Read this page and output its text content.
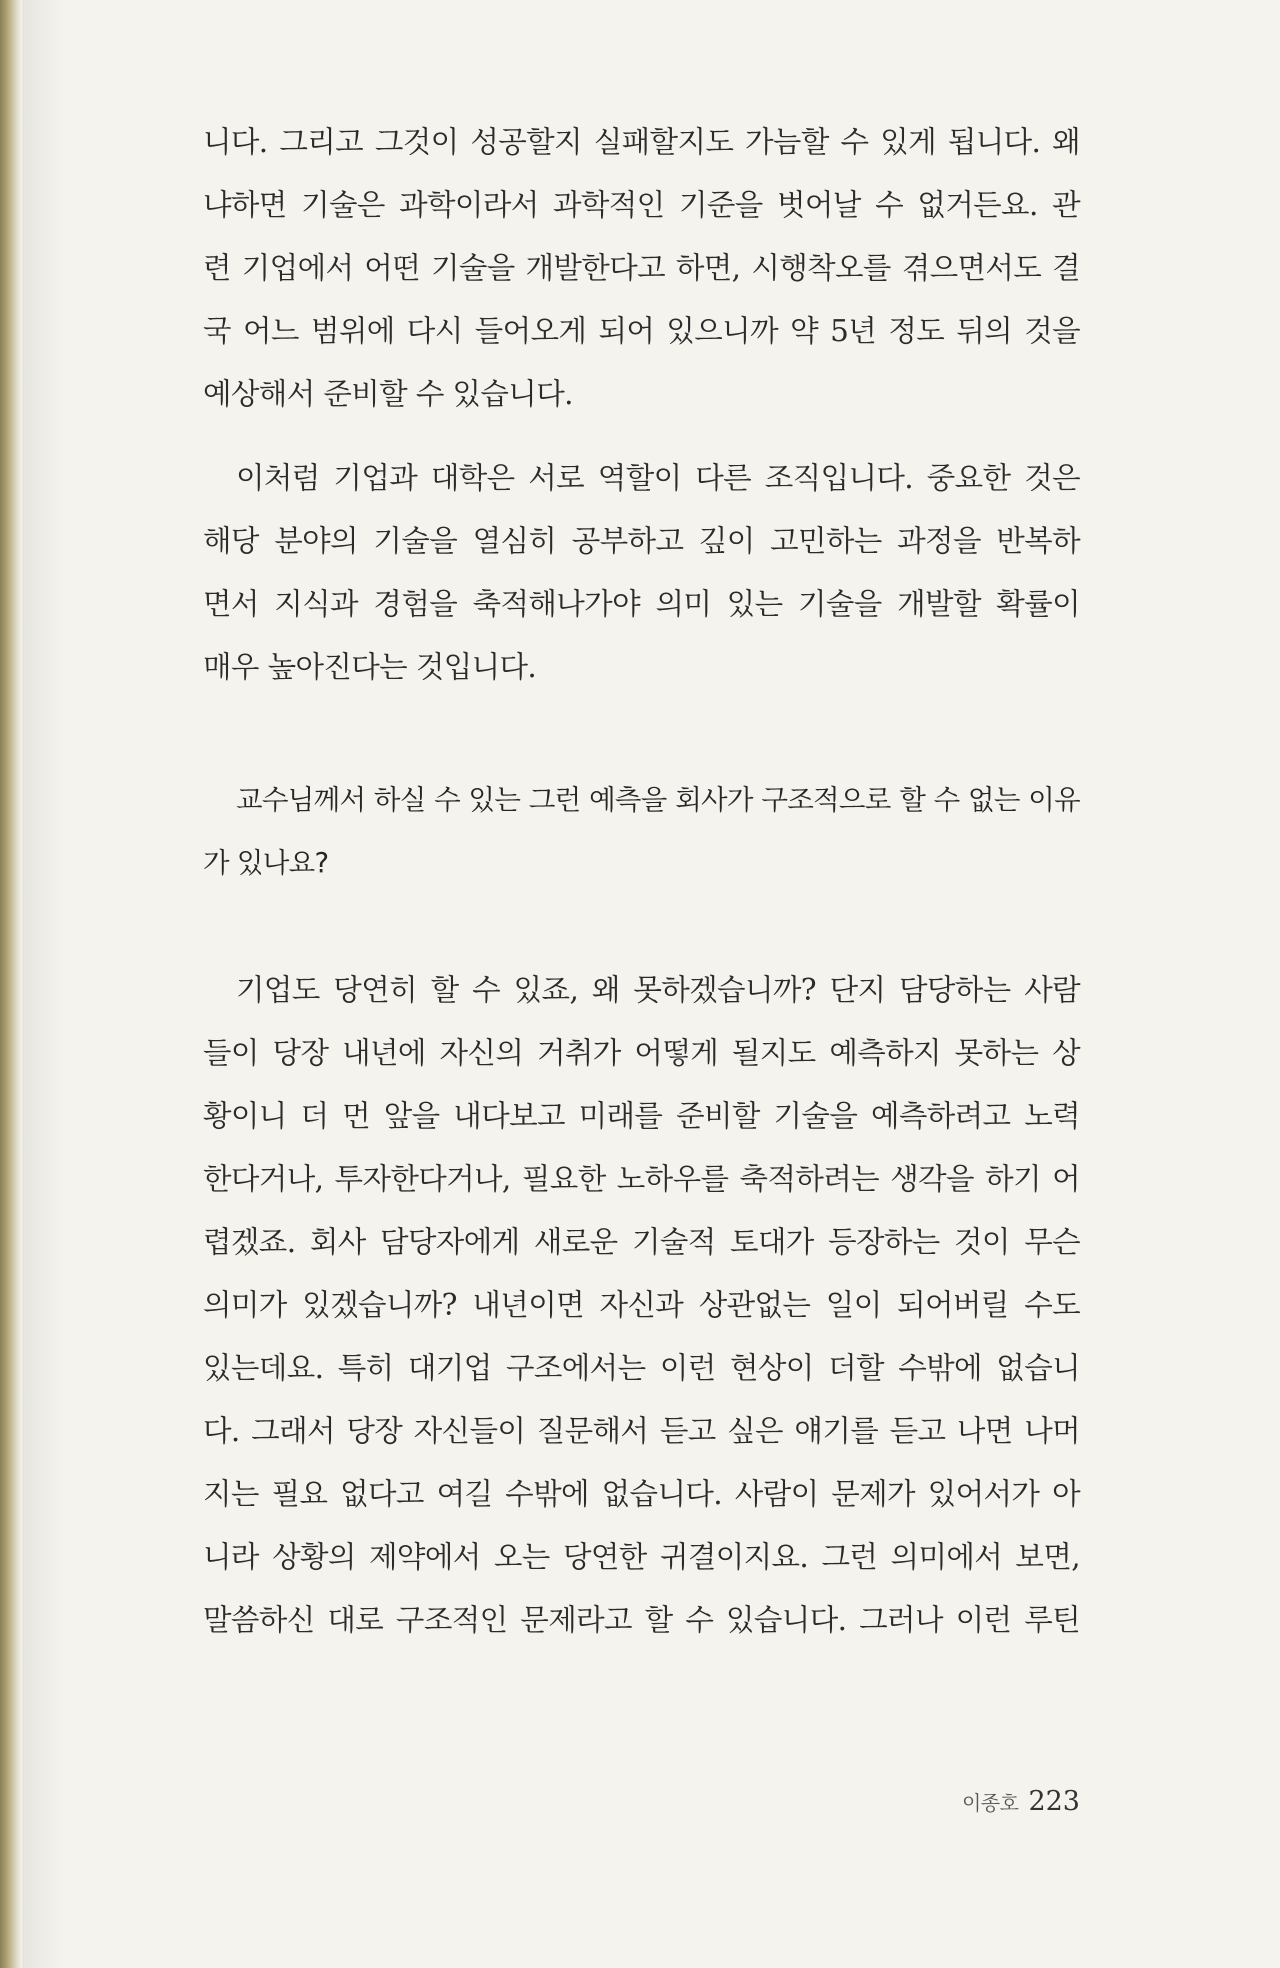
니다. 그리고 그것이 성공할지 실패할지도 가늠할 수 있게 됩니다. 왜
냐하면 기술은 과학이라서 과학적인 기준을 벗어날 수 없거든요. 관
련 기업에서 어떤 기술을 개발한다고 하면, 시행착오를 겪으면서도 결
국 어느 범위에 다시 들어오게 되어 있으니까 약 5년 정도 뒤의 것을
예상해서 준비할 수 있습니다.
이처럼 기업과 대학은 서로 역할이 다른 조직입니다. 중요한 것은
해당 분야의 기술을 열심히 공부하고 깊이 고민하는 과정을 반복하
면서 지식과 경험을 축적해나가야 의미 있는 기술을 개발할 확률이
매우 높아진다는 것입니다.
교수님께서 하실 수 있는 그런 예측을 회사가 구조적으로 할 수 없는 이유
가 있나요?
기업도 당연히 할 수 있죠, 왜 못하겠습니까? 단지 담당하는 사람
들이 당장 내년에 자신의 거취가 어떻게 될지도 예측하지 못하는 상
황이니 더 먼 앞을 내다보고 미래를 준비할 기술을 예측하려고 노력
한다거나, 투자한다거나, 필요한 노하우를 축적하려는 생각을 하기 어
렵겠죠. 회사 담당자에게 새로운 기술적 토대가 등장하는 것이 무슨
의미가 있겠습니까? 내년이면 자신과 상관없는 일이 되어버릴 수도
있는데요. 특히 대기업 구조에서는 이런 현상이 더할 수밖에 없습니
다. 그래서 당장 자신들이 질문해서 듣고 싶은 얘기를 듣고 나면 나머
지는 필요 없다고 여길 수밖에 없습니다. 사람이 문제가 있어서가 아
니라 상황의 제약에서 오는 당연한 귀결이지요. 그런 의미에서 보면,
말씀하신 대로 구조적인 문제라고 할 수 있습니다. 그러나 이런 루틴
이종호 223
